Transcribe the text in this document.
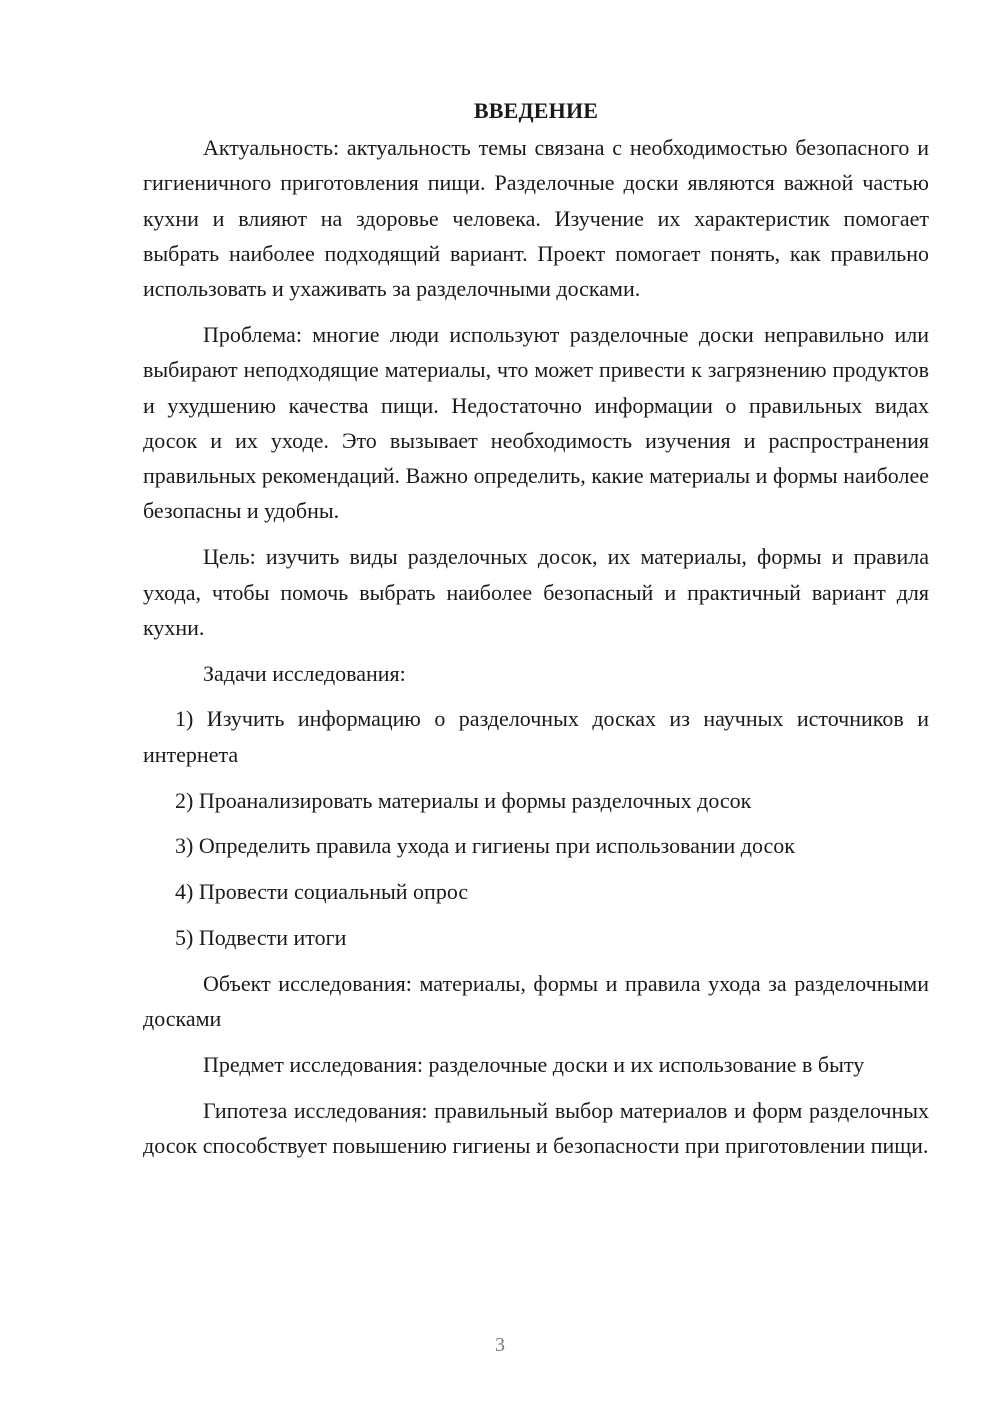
ВВЕДЕНИЕ

Актуальность: актуальность темы связана с необходимостью безопасного и гигиеничного приготовления пищи. Разделочные доски являются важной частью кухни и влияют на здоровье человека. Изучение их характеристик помогает выбрать наиболее подходящий вариант. Проект помогает понять, как правильно использовать и ухаживать за разделочными досками.

Проблема: многие люди используют разделочные доски неправильно или выбирают неподходящие материалы, что может привести к загрязнению продуктов и ухудшению качества пищи. Недостаточно информации о правильных видах досок и их уходе. Это вызывает необходимость изучения и распространения правильных рекомендаций. Важно определить, какие материалы и формы наиболее безопасны и удобны.

Цель: изучить виды разделочных досок, их материалы, формы и правила ухода, чтобы помочь выбрать наиболее безопасный и практичный вариант для кухни.

Задачи исследования:

1) Изучить информацию о разделочных досках из научных источников и интернета

2) Проанализировать материалы и формы разделочных досок

3) Определить правила ухода и гигиены при использовании досок

4) Провести социальный опрос

5) Подвести итоги

Объект исследования: материалы, формы и правила ухода за разделочными досками

Предмет исследования: разделочные доски и их использование в быту

Гипотеза исследования: правильный выбор материалов и форм разделочных досок способствует повышению гигиены и безопасности при приготовлении пищи.

3
